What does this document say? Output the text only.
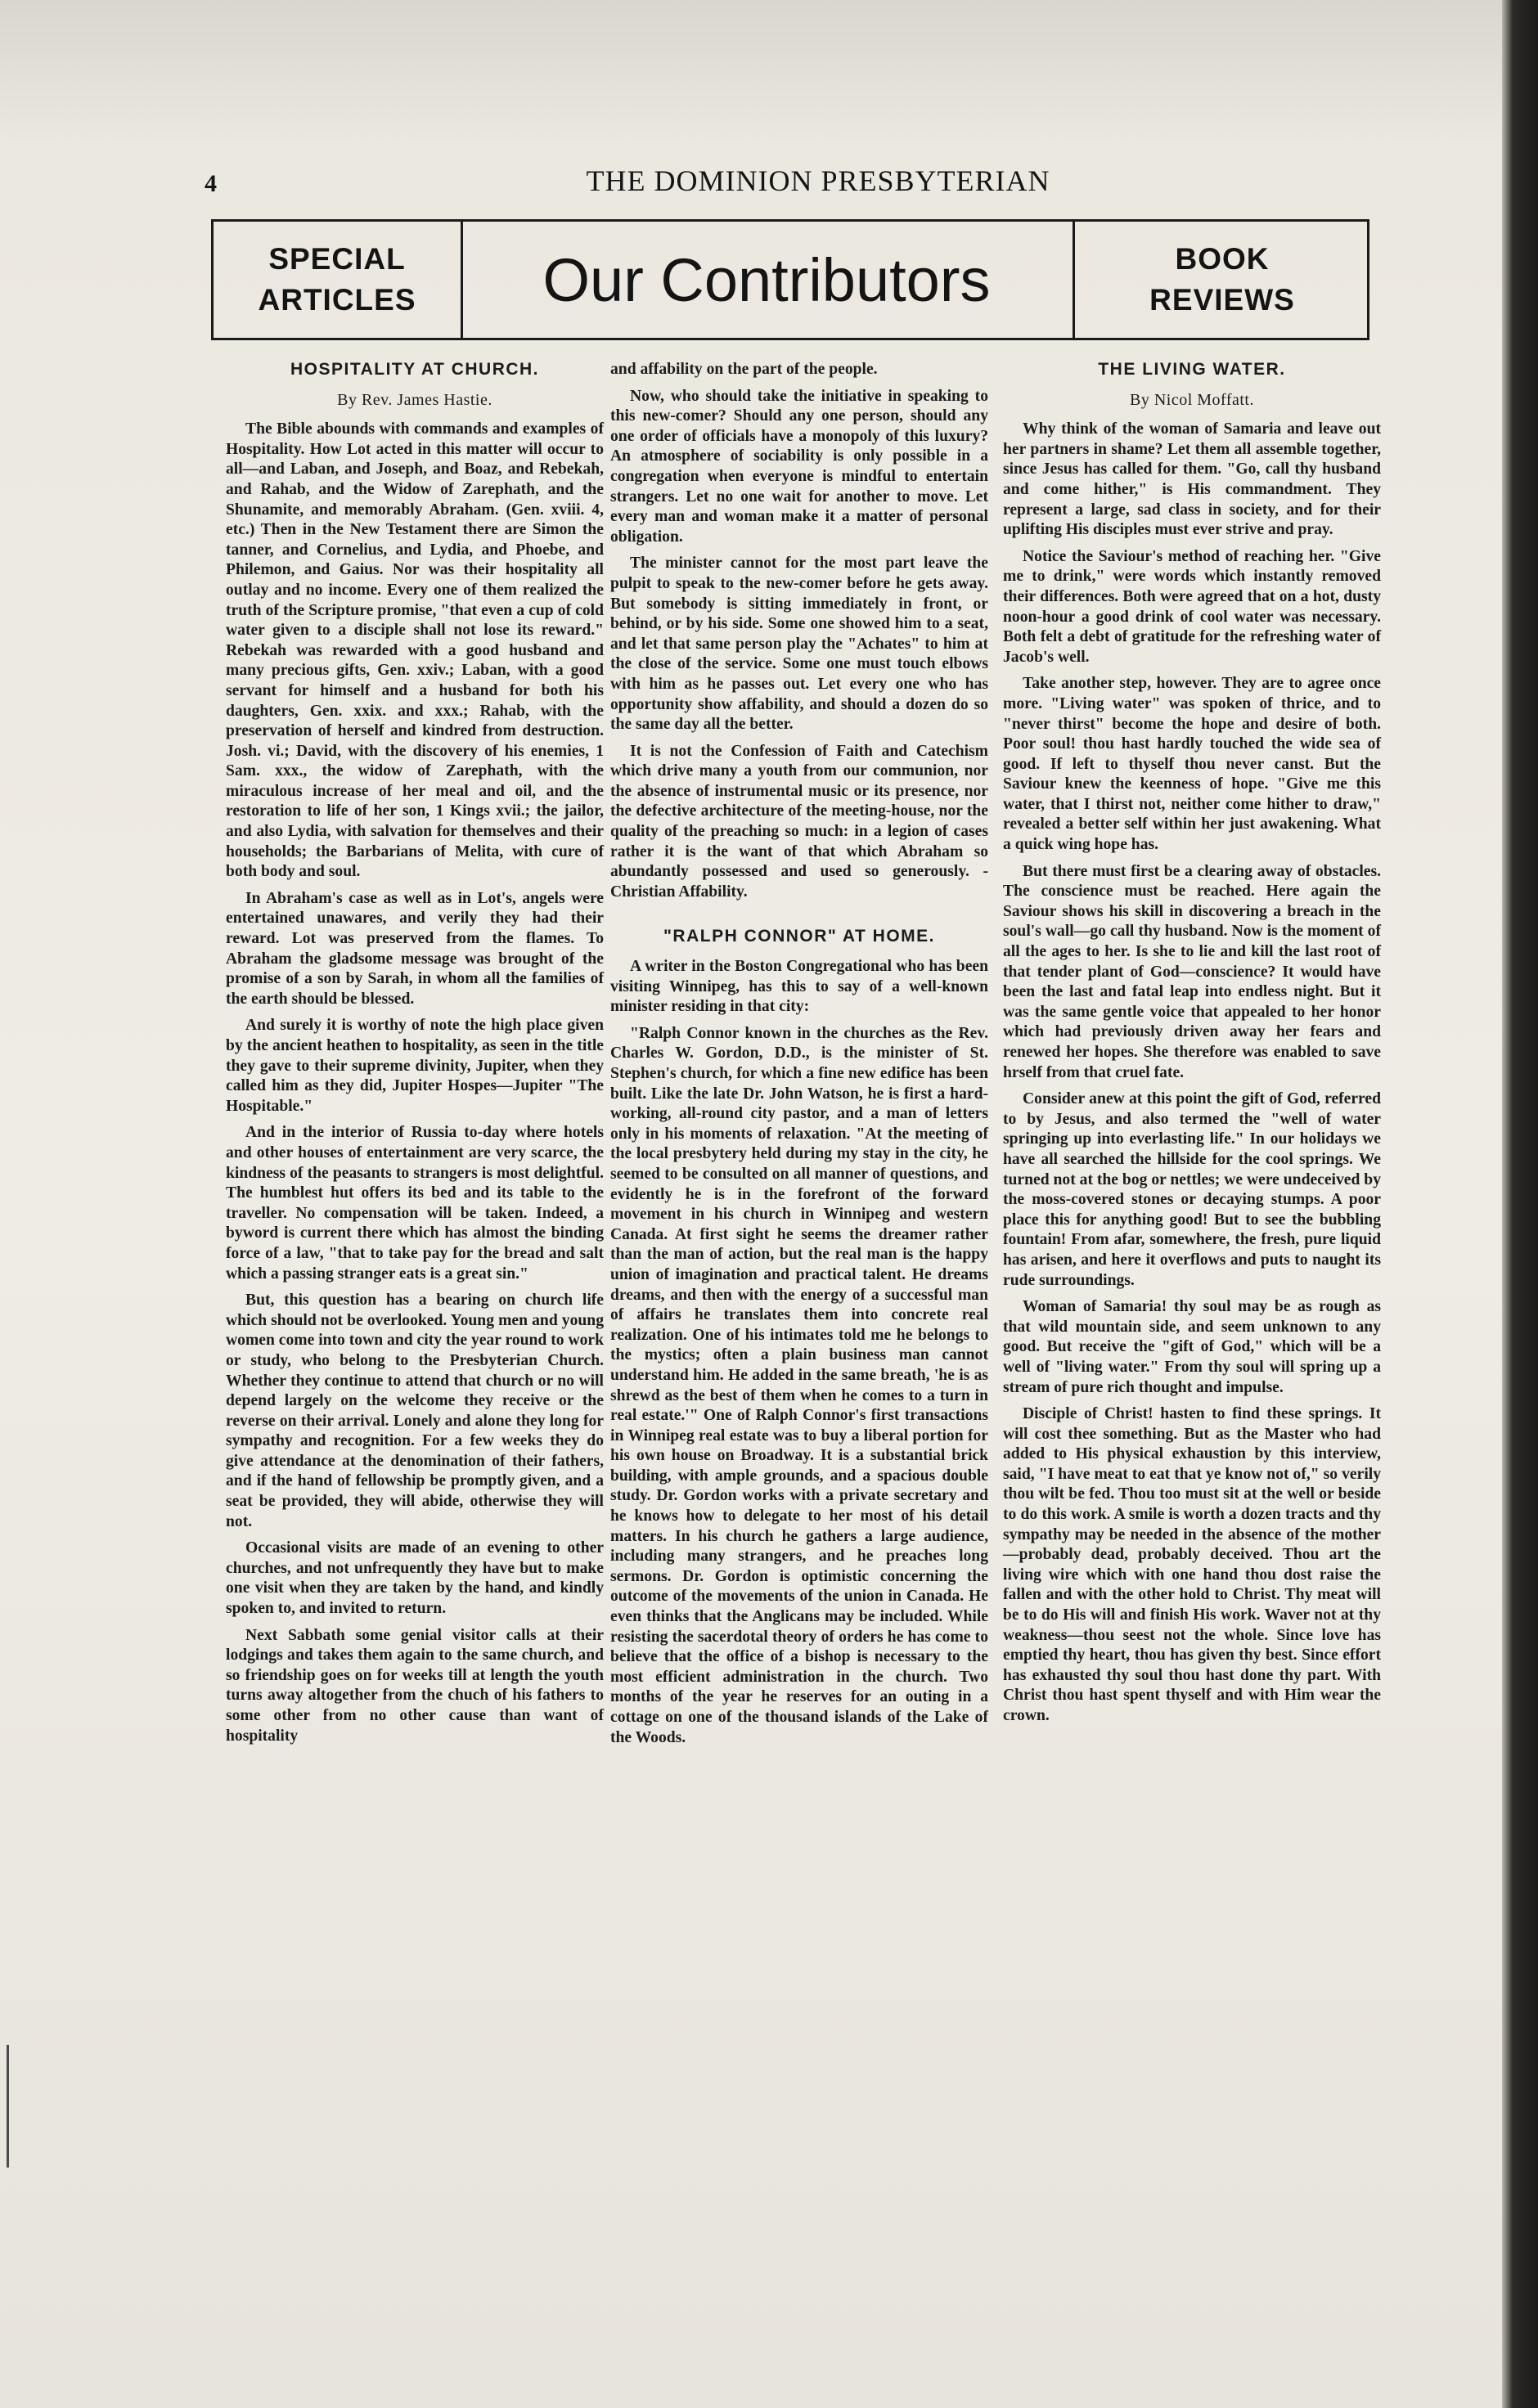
4	THE DOMINION PRESBYTERIAN
SPECIAL
ARTICLES	Our Contributors	BOOK
REVIEWS
HOSPITALITY AT CHURCH.
By Rev. James Hastie.

The Bible abounds with commands and examples of Hospitality. How Lot acted in this matter will occur to all—and Laban, and Joseph, and Boaz, and Rebekah, and Rahab, and the Widow of Zarephath, and the Shunamite, and memorably Abraham. (Gen. xviii. 4, etc.) Then in the New Testament there are Simon the tanner, and Cornelius, and Lydia, and Phoebe, and Philemon, and Gaius. Nor was their hospitality all outlay and no income. Every one of them realized the truth of the Scripture promise, "that even a cup of cold water given to a disciple shall not lose its reward." Rebekah was rewarded with a good husband and many precious gifts, Gen. xxiv.; Laban, with a good servant for himself and a husband for both his daughters, Gen. xxix. and xxx.; Rahab, with the preservation of herself and kindred from destruction. Josh. vi.; David, with the discovery of his enemies, 1 Sam. xxx., the widow of Zarephath, with the miraculous increase of her meal and oil, and the restoration to life of her son, 1 Kings xvii.; the jailor, and also Lydia, with salvation for themselves and their households; the Barbarians of Melita, with cure of both body and soul.

In Abraham's case as well as in Lot's, angels were entertained unawares, and verily they had their reward. Lot was preserved from the flames. To Abraham the gladsome message was brought of the promise of a son by Sarah, in whom all the families of the earth should be blessed.

And surely it is worthy of note the high place given by the ancient heathen to hospitality, as seen in the title they gave to their supreme divinity, Jupiter, when they called him as they did, Jupiter Hospes—Jupiter "The Hospitable."

And in the interior of Russia to-day where hotels and other houses of entertainment are very scarce, the kindness of the peasants to strangers is most delightful. The humblest hut offers its bed and its table to the traveller. No compensation will be taken. Indeed, a byword is current there which has almost the binding force of a law, "that to take pay for the bread and salt which a passing stranger eats is a great sin."

But, this question has a bearing on church life which should not be overlooked. Young men and young women come into town and city the year round to work or study, who belong to the Presbyterian Church. Whether they continue to attend that church or no will depend largely on the welcome they receive or the reverse on their arrival. Lonely and alone they long for sympathy and recognition. For a few weeks they do give attendance at the denomination of their fathers, and if the hand of fellowship be promptly given, and a seat be provided, they will abide, otherwise they will not.

Occasional visits are made of an evening to other churches, and not unfrequently they have but to make one visit when they are taken by the hand, and kindly spoken to, and invited to return.

Next Sabbath some genial visitor calls at their lodgings and takes them again to the same church, and so friendship goes on for weeks till at length the youth turns away altogether from the chuch of his fathers to some other from no other cause than want of hospitality

and affability on the part of the people.

Now, who should take the initiative in speaking to this new-comer? Should any one person, should any one order of officials have a monopoly of this luxury? An atmosphere of sociability is only possible in a congregation when everyone is mindful to entertain strangers. Let no one wait for another to move. Let every man and woman make it a matter of personal obligation.

The minister cannot for the most part leave the pulpit to speak to the new-comer before he gets away. But somebody is sitting immediately in front, or behind, or by his side. Some one showed him to a seat, and let that same person play the "Achates" to him at the close of the service. Some one must touch elbows with him as he passes out. Let every one who has opportunity show affability, and should a dozen do so the same day all the better.

It is not the Confession of Faith and Catechism which drive many a youth from our communion, nor the absence of instrumental music or its presence, nor the defective architecture of the meeting-house, nor the quality of the preaching so much: in a legion of cases rather it is the want of that which Abraham so abundantly possessed and used so generously. -Christian Affability.

"RALPH CONNOR" AT HOME.

A writer in the Boston Congregational who has been visiting Winnipeg, has this to say of a well-known minister residing in that city:

"Ralph Connor known in the churches as the Rev. Charles W. Gordon, D.D., is the minister of St. Stephen's church, for which a fine new edifice has been built. Like the late Dr. John Watson, he is first a hard-working, all-round city pastor, and a man of letters only in his moments of relaxation. "At the meeting of the local presbytery held during my stay in the city, he seemed to be consulted on all manner of questions, and evidently he is in the forefront of the forward movement in his church in Winnipeg and western Canada. At first sight he seems the dreamer rather than the man of action, but the real man is the happy union of imagination and practical talent. He dreams dreams, and then with the energy of a successful man of affairs he translates them into concrete real realization. One of his intimates told me he belongs to the mystics; often a plain business man cannot understand him. He added in the same breath, 'he is as shrewd as the best of them when he comes to a turn in real estate.'" One of Ralph Connor's first transactions in Winnipeg real estate was to buy a liberal portion for his own house on Broadway. It is a substantial brick building, with ample grounds, and a spacious double study. Dr. Gordon works with a private secretary and he knows how to delegate to her most of his detail matters. In his church he gathers a large audience, including many strangers, and he preaches long sermons. Dr. Gordon is optimistic concerning the outcome of the movements of the union in Canada. He even thinks that the Anglicans may be included. While resisting the sacerdotal theory of orders he has come to believe that the office of a bishop is necessary to the most efficient administration in the church. Two months of the year he reserves for an outing in a cottage on one of the thousand islands of the Lake of the Woods.

THE LIVING WATER.
By Nicol Moffatt.

Why think of the woman of Samaria and leave out her partners in shame? Let them all assemble together, since Jesus has called for them. "Go, call thy husband and come hither," is His commandment. They represent a large, sad class in society, and for their uplifting His disciples must ever strive and pray.

Notice the Saviour's method of reaching her. "Give me to drink," were words which instantly removed their differences. Both were agreed that on a hot, dusty noon-hour a good drink of cool water was necessary. Both felt a debt of gratitude for the refreshing water of Jacob's well.

Take another step, however. They are to agree once more. "Living water" was spoken of thrice, and to "never thirst" become the hope and desire of both. Poor soul! thou hast hardly touched the wide sea of good. If left to thyself thou never canst. But the Saviour knew the keenness of hope. "Give me this water, that I thirst not, neither come hither to draw," revealed a better self within her just awakening. What a quick wing hope has.

But there must first be a clearing away of obstacles. The conscience must be reached. Here again the Saviour shows his skill in discovering a breach in the soul's wall—go call thy husband. Now is the moment of all the ages to her. Is she to lie and kill the last root of that tender plant of God—conscience? It would have been the last and fatal leap into endless night. But it was the same gentle voice that appealed to her honor which had previously driven away her fears and renewed her hopes. She therefore was enabled to save hrself from that cruel fate.

Consider anew at this point the gift of God, referred to by Jesus, and also termed the "well of water springing up into everlasting life." In our holidays we have all searched the hillside for the cool springs. We turned not at the bog or nettles; we were undeceived by the moss-covered stones or decaying stumps. A poor place this for anything good! But to see the bubbling fountain! From afar, somewhere, the fresh, pure liquid has arisen, and here it overflows and puts to naught its rude surroundings.

Woman of Samaria! thy soul may be as rough as that wild mountain side, and seem unknown to any good. But receive the "gift of God," which will be a well of "living water." From thy soul will spring up a stream of pure rich thought and impulse.

Disciple of Christ! hasten to find these springs. It will cost thee something. But as the Master who had added to His physical exhaustion by this interview, said, "I have meat to eat that ye know not of," so verily thou wilt be fed. Thou too must sit at the well or beside to do this work. A smile is worth a dozen tracts and thy sympathy may be needed in the absence of the mother—probably dead, probably deceived. Thou art the living wire which with one hand thou dost raise the fallen and with the other hold to Christ. Thy meat will be to do His will and finish His work. Waver not at thy weakness—thou seest not the whole. Since love has emptied thy heart, thou has given thy best. Since effort has exhausted thy soul thou hast done thy part. With Christ thou hast spent thyself and with Him wear the crown.
